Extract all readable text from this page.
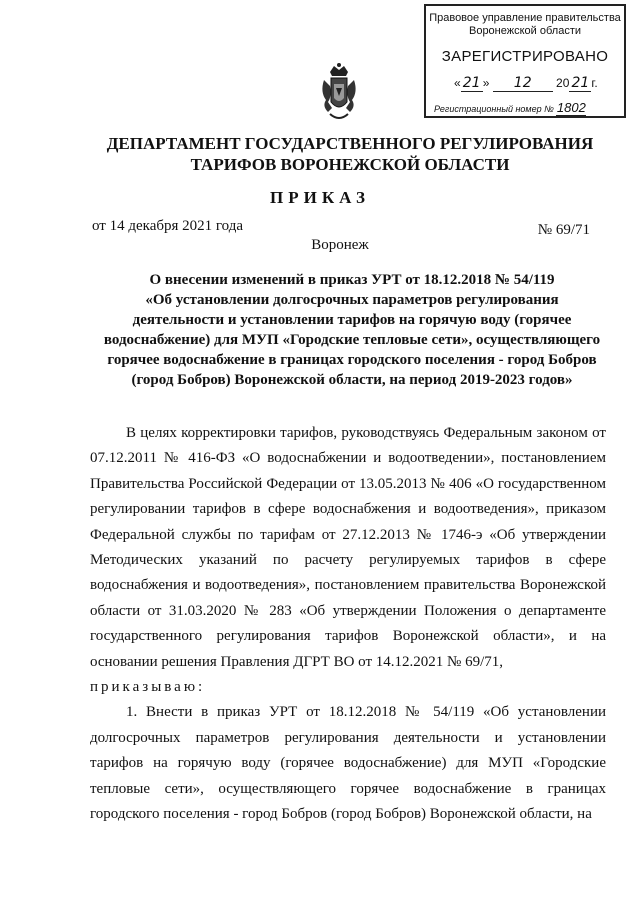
Правовое управление правительства
Воронежской области
ЗАРЕГИСТРИРОВАНО
« 21 » 12 20 21 г.
Регистрационный номер № 1802
ДЕПАРТАМЕНТ ГОСУДАРСТВЕННОГО РЕГУЛИРОВАНИЯ
ТАРИФОВ ВОРОНЕЖСКОЙ ОБЛАСТИ
ПРИКАЗ
от 14 декабря 2021 года	№ 69/71
Воронеж
О внесении изменений в приказ УРТ от 18.12.2018 № 54/119
«Об установлении долгосрочных параметров регулирования
деятельности и установлении тарифов на горячую воду (горячее
водоснабжение) для МУП «Городские тепловые сети», осуществляющего
горячее водоснабжение в границах городского поселения - город Бобров
(город Бобров) Воронежской области, на период 2019-2023 годов»

В целях корректировки тарифов, руководствуясь Федеральным законом от 07.12.2011 № 416-ФЗ «О водоснабжении и водоотведении», постановлением Правительства Российской Федерации от 13.05.2013 № 406 «О государственном регулировании тарифов в сфере водоснабжения и водоотведения», приказом Федеральной службы по тарифам от 27.12.2013 № 1746-э «Об утверждении Методических указаний по расчету регулируемых тарифов в сфере водоснабжения и водоотведения», постановлением правительства Воронежской области от 31.03.2020 № 283 «Об утверждении Положения о департаменте государственного регулирования тарифов Воронежской области», и на основании решения Правления ДГРТ ВО от 14.12.2021 № 69/71,

приказываю:

1. Внести в приказ УРТ от 18.12.2018 № 54/119 «Об установлении долгосрочных параметров регулирования деятельности и установлении тарифов на горячую воду (горячее водоснабжение) для МУП «Городские тепловые сети», осуществляющего горячее водоснабжение в границах городского поселения - город Бобров (город Бобров) Воронежской области, на
